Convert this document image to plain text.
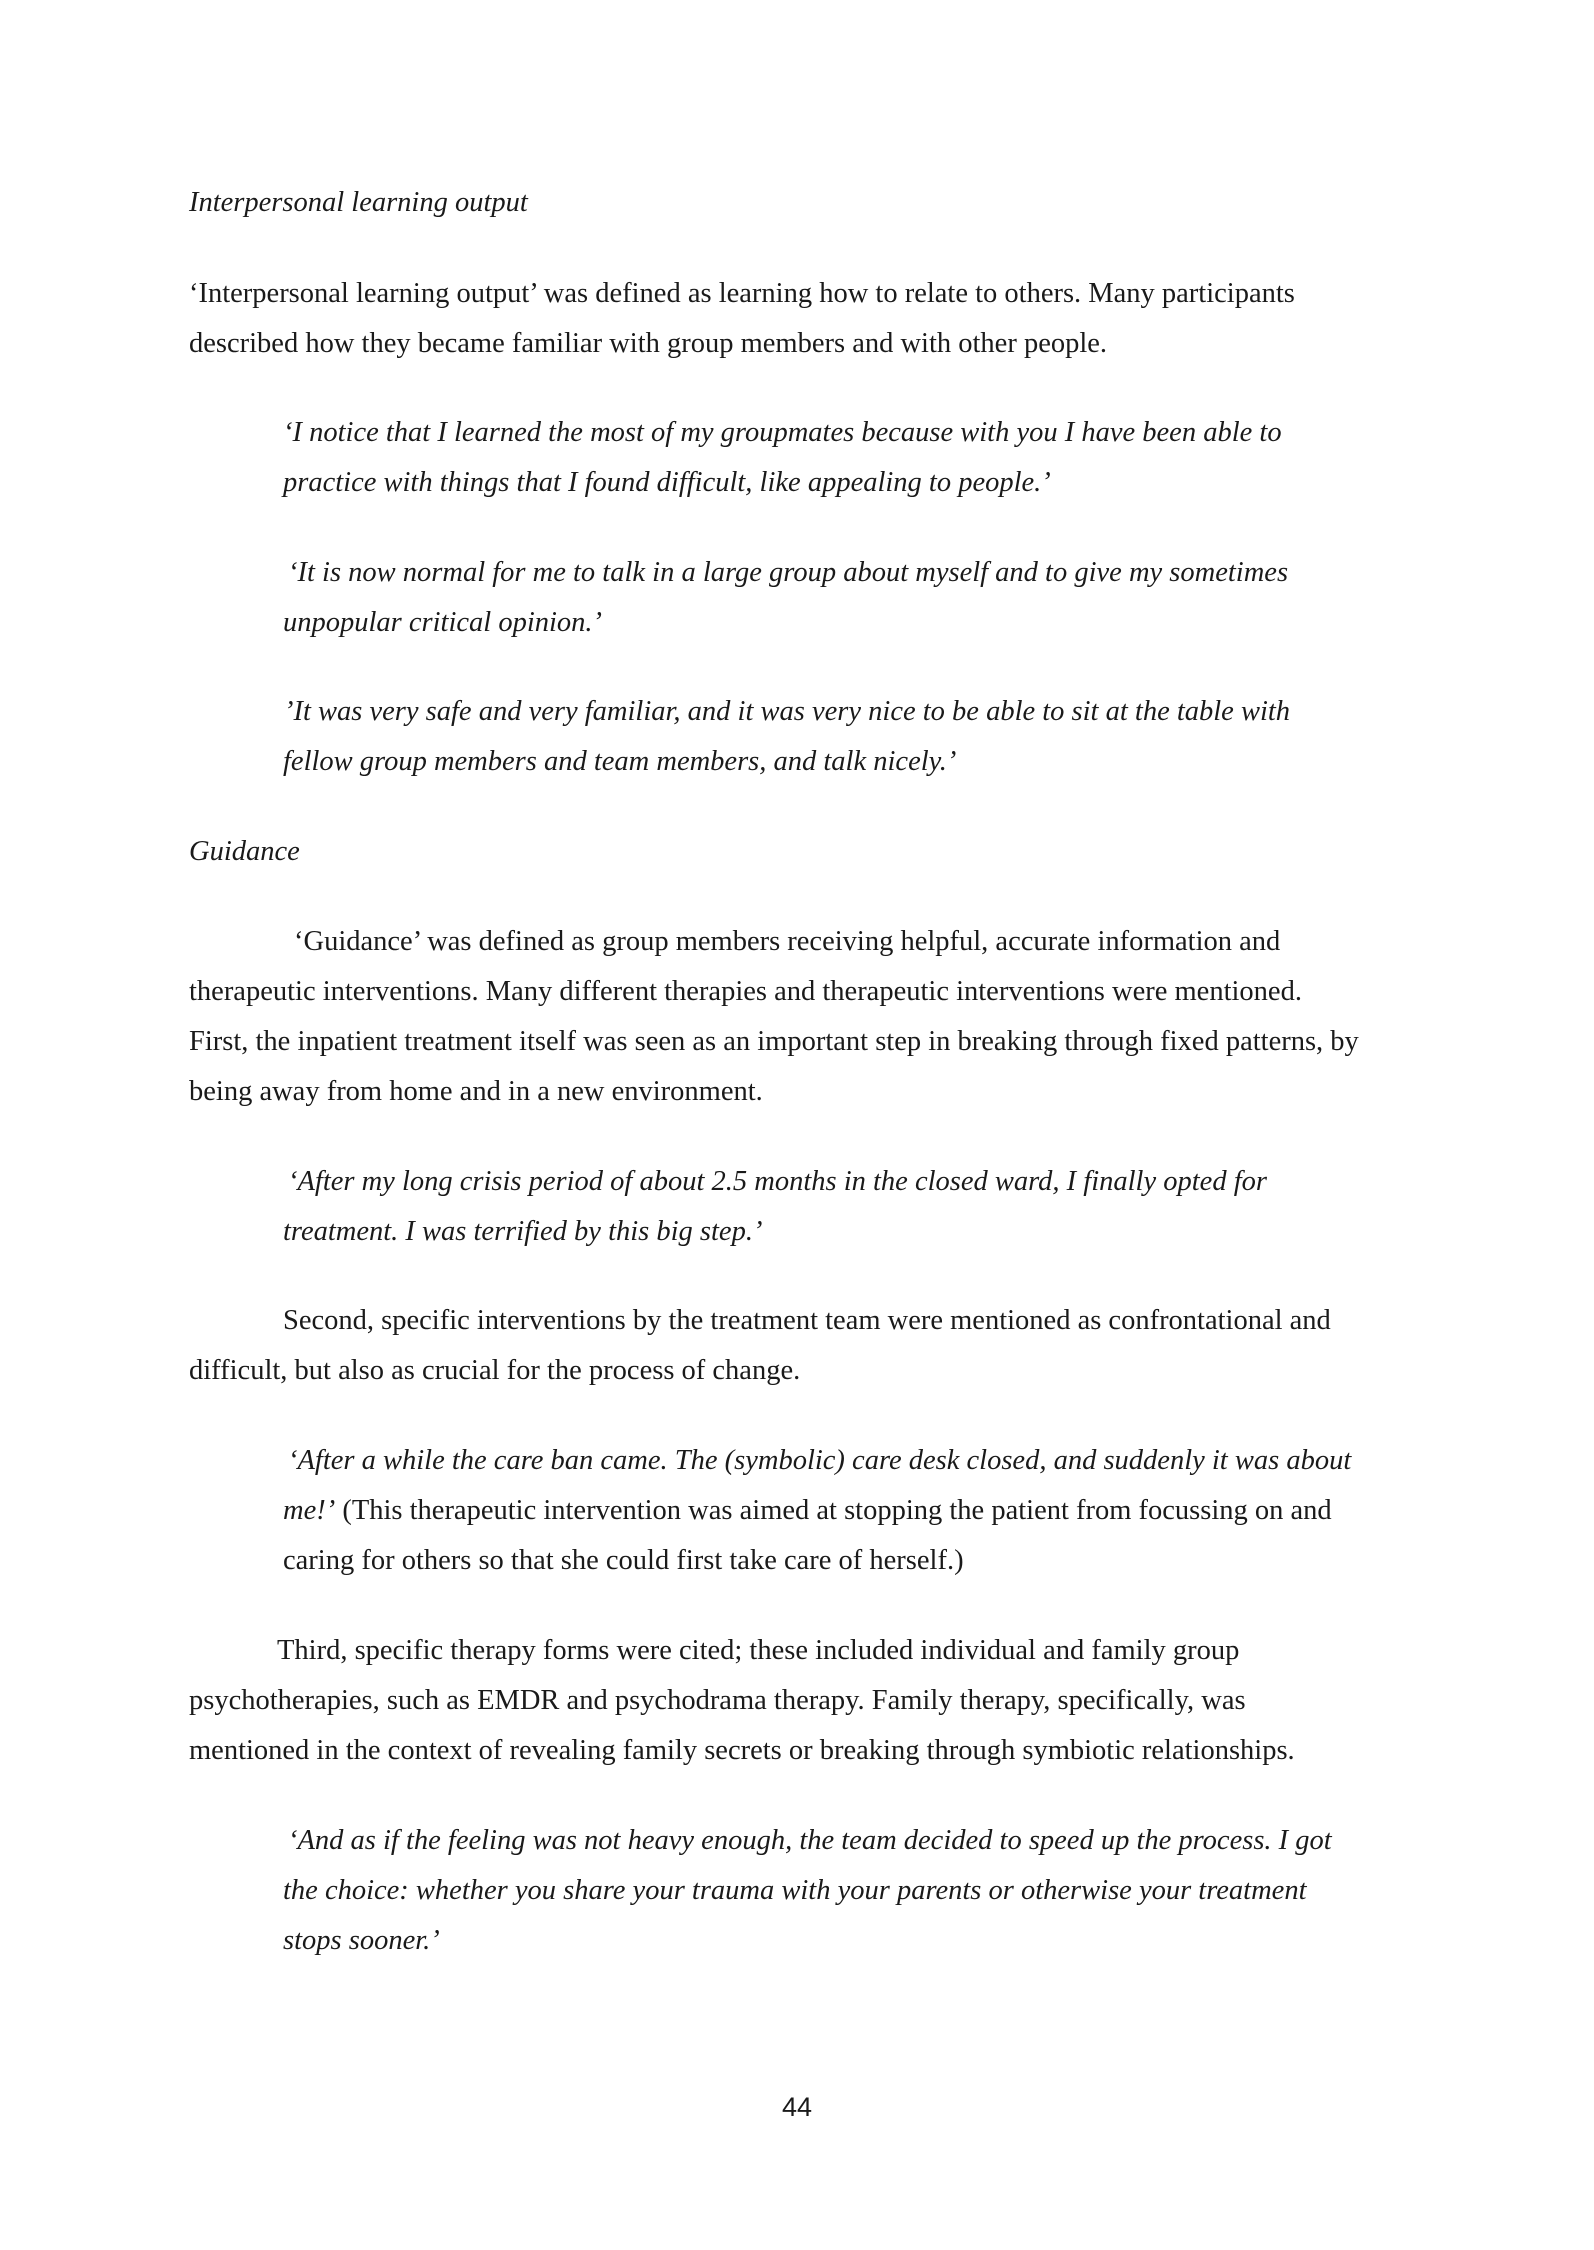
Interpersonal learning output

‘Interpersonal learning output’ was defined as learning how to relate to others. Many participants

described how they became familiar with group members and with other people.

‘I notice that I learned the most of my groupmates because with you I have been able to

practice with things that I found difficult, like appealing to people.’

‘It is now normal for me to talk in a large group about myself and to give my sometimes

unpopular critical opinion.’

’It was very safe and very familiar, and it was very nice to be able to sit at the table with

fellow group members and team members, and talk nicely.’

Guidance

‘Guidance’ was defined as group members receiving helpful, accurate information and

therapeutic interventions. Many different therapies and therapeutic interventions were mentioned.

First, the inpatient treatment itself was seen as an important step in breaking through fixed patterns, by

being away from home and in a new environment.

‘After my long crisis period of about 2.5 months in the closed ward, I finally opted for

treatment. I was terrified by this big step.’

Second, specific interventions by the treatment team were mentioned as confrontational and

difficult, but also as crucial for the process of change.

‘After a while the care ban came. The (symbolic) care desk closed, and suddenly it was about

me!’ (This therapeutic intervention was aimed at stopping the patient from focussing on and

caring for others so that she could first take care of herself.)

Third, specific therapy forms were cited; these included individual and family group

psychotherapies, such as EMDR and psychodrama therapy. Family therapy, specifically, was

mentioned in the context of revealing family secrets or breaking through symbiotic relationships.

‘And as if the feeling was not heavy enough, the team decided to speed up the process. I got

the choice: whether you share your trauma with your parents or otherwise your treatment

stops sooner.’

44
